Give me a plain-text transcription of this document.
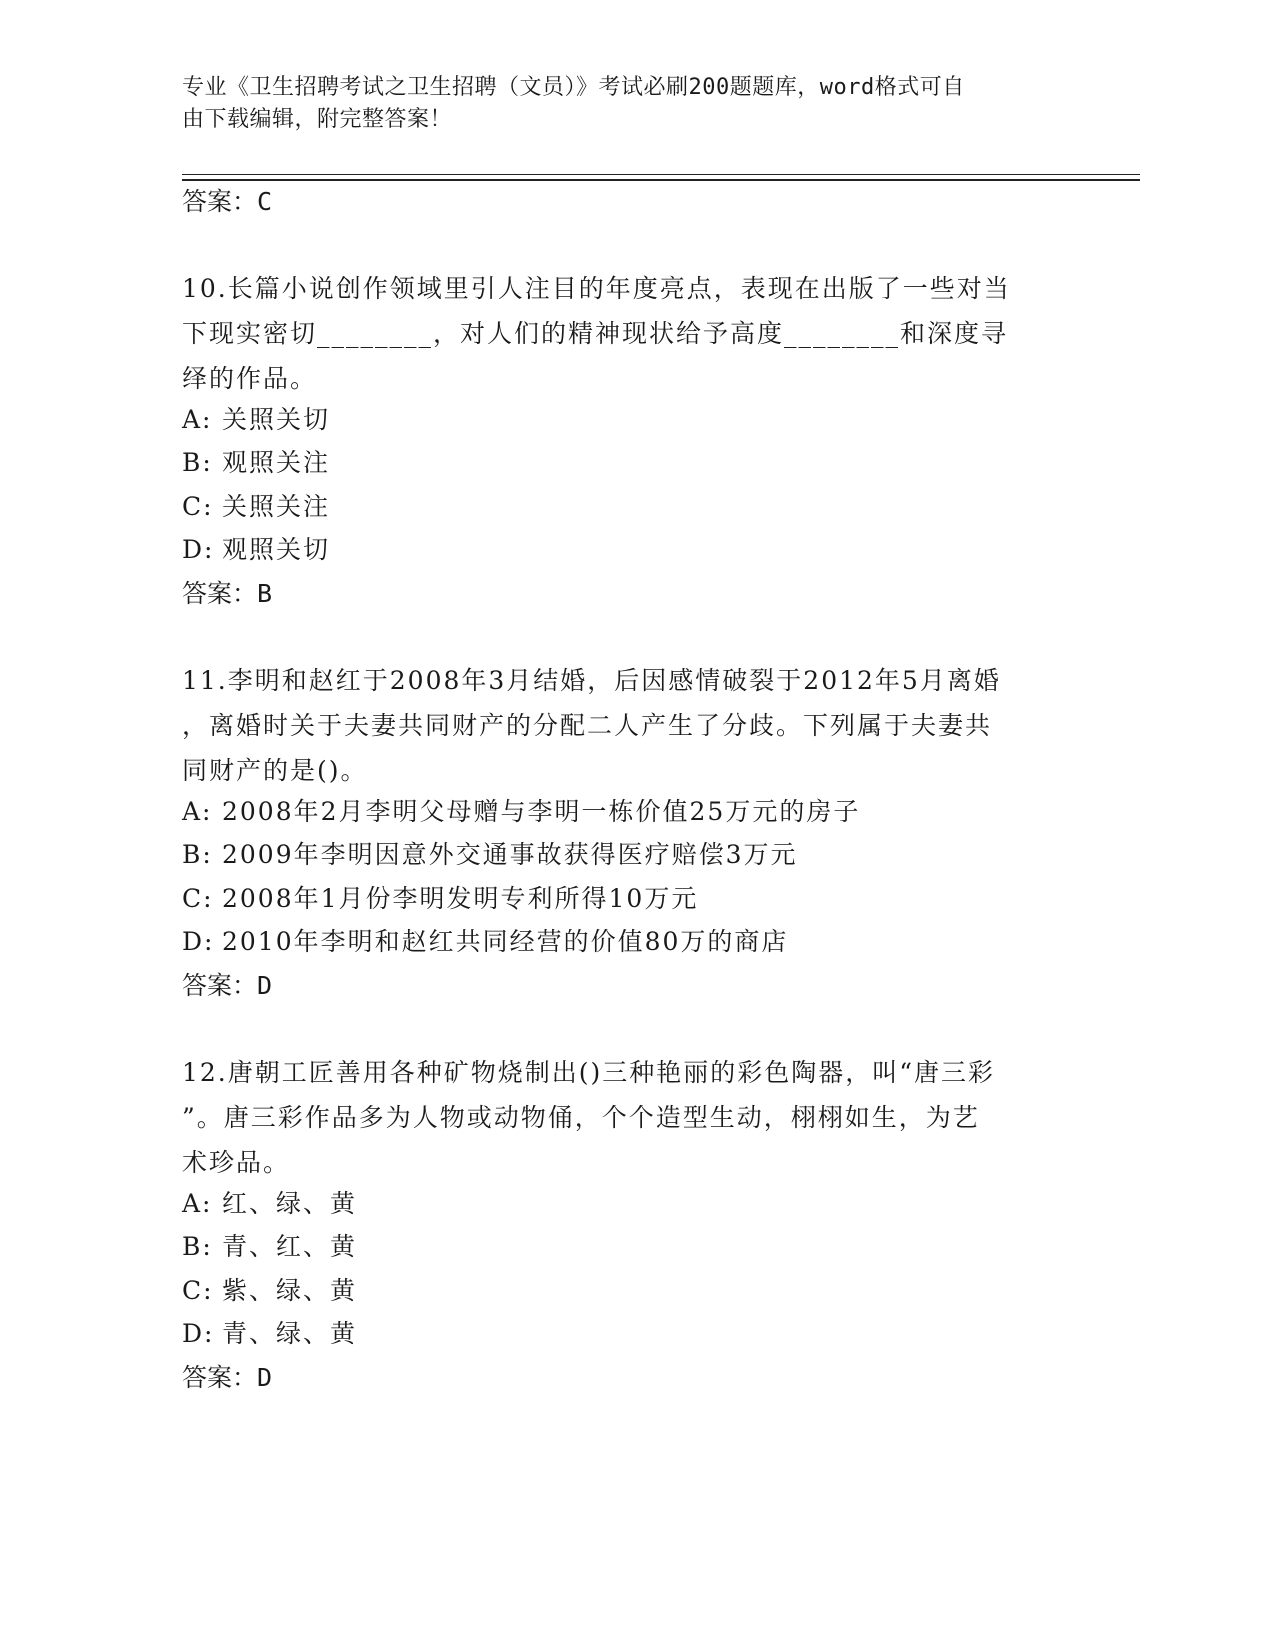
专业《卫生招聘考试之卫生招聘（文员）》考试必刷200题题库，word格式可自
由下载编辑，附完整答案！
答案：C
10.长篇小说创作领域里引人注目的年度亮点，表现在出版了一些对当
下现实密切________，对人们的精神现状给予高度________和深度寻
绎的作品。
A: 关照关切
B: 观照关注
C: 关照关注
D: 观照关切
答案：B
11.李明和赵红于2008年3月结婚，后因感情破裂于2012年5月离婚
，离婚时关于夫妻共同财产的分配二人产生了分歧。下列属于夫妻共
同财产的是()。
A: 2008年2月李明父母赠与李明一栋价值25万元的房子
B: 2009年李明因意外交通事故获得医疗赔偿3万元
C: 2008年1月份李明发明专利所得10万元
D: 2010年李明和赵红共同经营的价值80万的商店
答案：D
12.唐朝工匠善用各种矿物烧制出()三种艳丽的彩色陶器，叫“唐三彩
”。唐三彩作品多为人物或动物俑，个个造型生动，栩栩如生，为艺
术珍品。
A: 红、绿、黄
B: 青、红、黄
C: 紫、绿、黄
D: 青、绿、黄
答案：D
